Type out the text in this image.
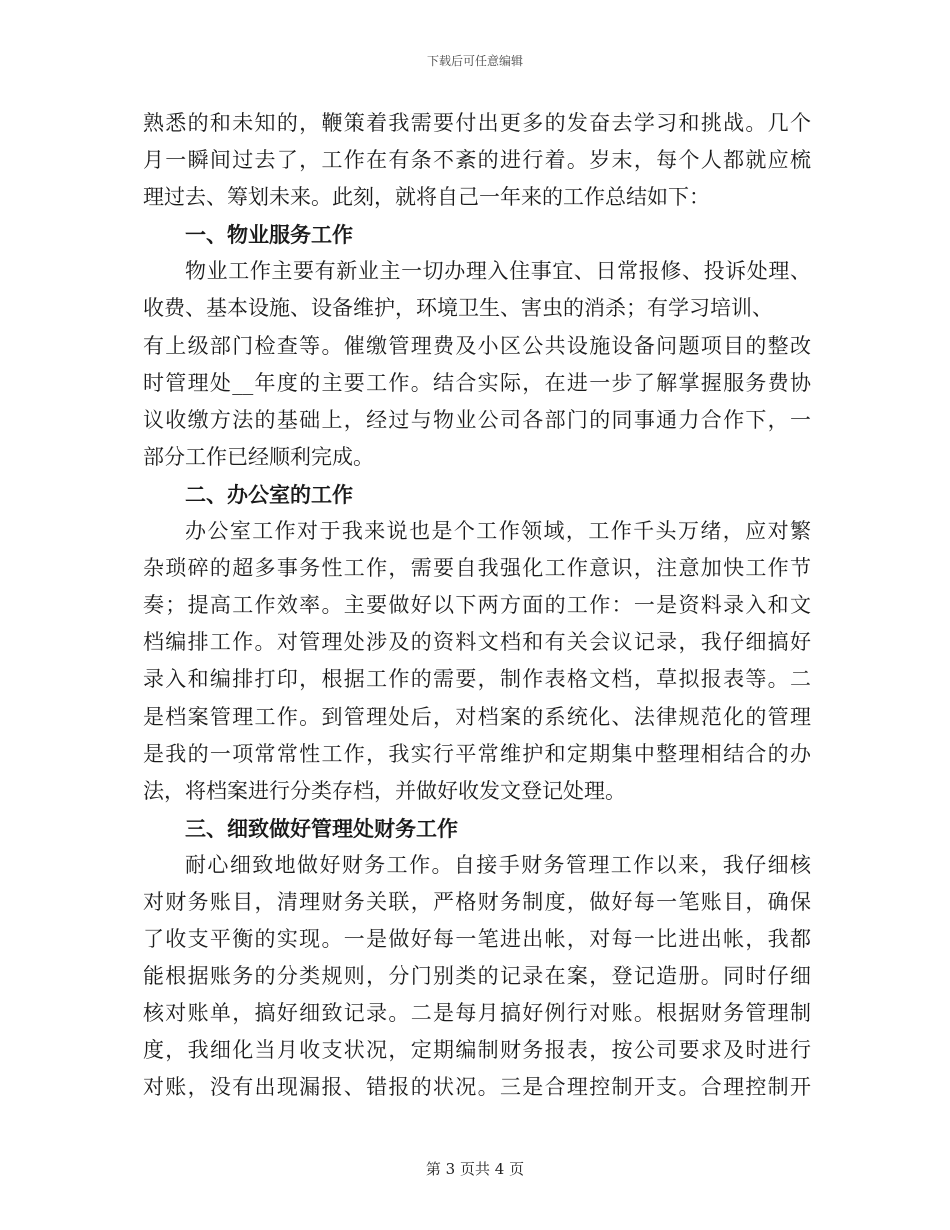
下载后可任意编辑
熟悉的和未知的，鞭策着我需要付出更多的发奋去学习和挑战。几个
月一瞬间过去了，工作在有条不紊的进行着。岁末，每个人都就应梳
理过去、筹划未来。此刻，就将自己一年来的工作总结如下：
一、物业服务工作
物业工作主要有新业主一切办理入住事宜、日常报修、投诉处理、
收费、基本设施、设备维护，环境卫生、害虫的消杀；有学习培训、
有上级部门检查等。催缴管理费及小区公共设施设备问题项目的整改
时管理处__年度的主要工作。结合实际，在进一步了解掌握服务费协
议收缴方法的基础上，经过与物业公司各部门的同事通力合作下，一
部分工作已经顺利完成。
二、办公室的工作
办公室工作对于我来说也是个工作领域，工作千头万绪，应对繁
杂琐碎的超多事务性工作，需要自我强化工作意识，注意加快工作节
奏；提高工作效率。主要做好以下两方面的工作：一是资料录入和文
档编排工作。对管理处涉及的资料文档和有关会议记录，我仔细搞好
录入和编排打印，根据工作的需要，制作表格文档，草拟报表等。二
是档案管理工作。到管理处后，对档案的系统化、法律规范化的管理
是我的一项常常性工作，我实行平常维护和定期集中整理相结合的办
法，将档案进行分类存档，并做好收发文登记处理。
三、细致做好管理处财务工作
耐心细致地做好财务工作。自接手财务管理工作以来，我仔细核
对财务账目，清理财务关联，严格财务制度，做好每一笔账目，确保
了收支平衡的实现。一是做好每一笔进出帐，对每一比进出帐，我都
能根据账务的分类规则，分门别类的记录在案，登记造册。同时仔细
核对账单，搞好细致记录。二是每月搞好例行对账。根据财务管理制
度，我细化当月收支状况，定期编制财务报表，按公司要求及时进行
对账，没有出现漏报、错报的状况。三是合理控制开支。合理控制开
第 3 页共 4 页
